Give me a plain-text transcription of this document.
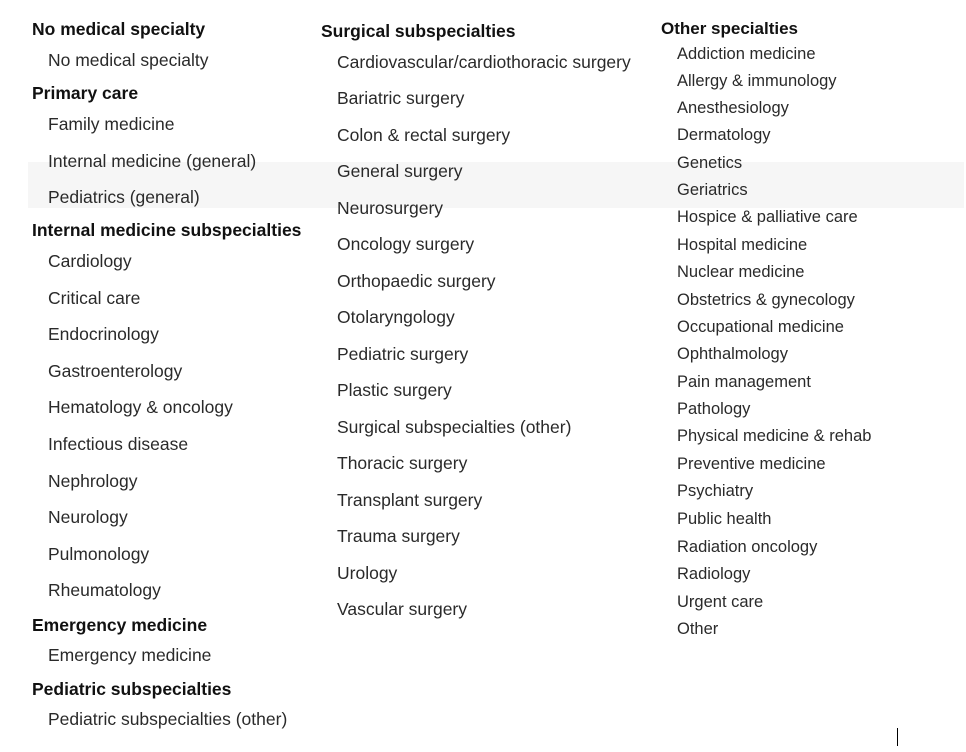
No medical specialty
No medical specialty
Primary care
Family medicine
Internal medicine (general)
Pediatrics (general)
Internal medicine subspecialties
Cardiology
Critical care
Endocrinology
Gastroenterology
Hematology & oncology
Infectious disease
Nephrology
Neurology
Pulmonology
Rheumatology
Emergency medicine
Emergency medicine
Pediatric subspecialties
Pediatric subspecialties (other)
Surgical subspecialties
Cardiovascular/cardiothoracic surgery
Bariatric surgery
Colon & rectal surgery
General surgery
Neurosurgery
Oncology surgery
Orthopaedic surgery
Otolaryngology
Pediatric surgery
Plastic surgery
Surgical subspecialties (other)
Thoracic surgery
Transplant surgery
Trauma surgery
Urology
Vascular surgery
Other specialties
Addiction medicine
Allergy & immunology
Anesthesiology
Dermatology
Genetics
Geriatrics
Hospice & palliative care
Hospital medicine
Nuclear medicine
Obstetrics & gynecology
Occupational medicine
Ophthalmology
Pain management
Pathology
Physical medicine & rehab
Preventive medicine
Psychiatry
Public health
Radiation oncology
Radiology
Urgent care
Other
